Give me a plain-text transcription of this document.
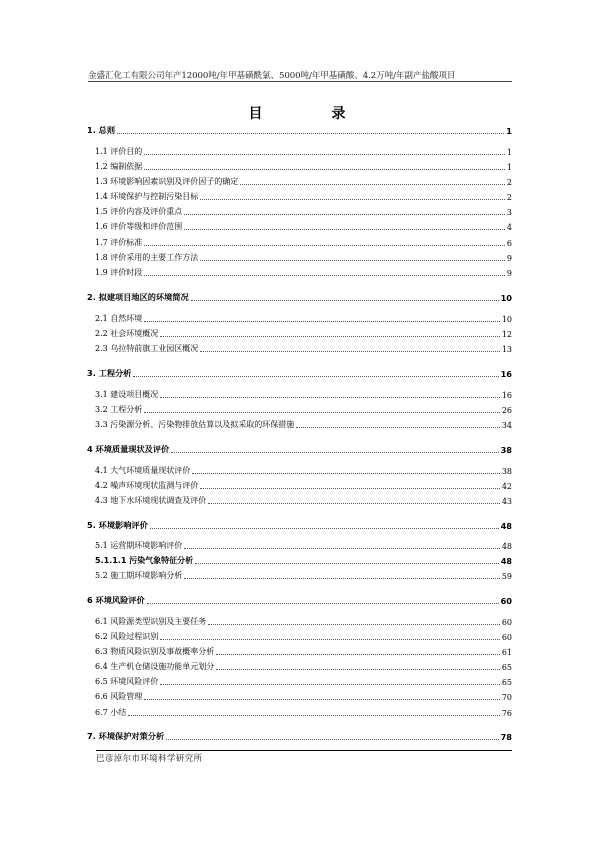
金盛汇化工有限公司年产12000吨/年甲基磺酰氯、5000吨/年甲基磺酸、4.2万吨/年副产盐酸项目
目	录
1. 总则	1
1.1 评价目的	1
1.2 编制依据	1
1.3 环境影响因素识别及评价因子的确定	2
1.4 环境保护与控制污染目标	2
1.5 评价内容及评价重点	3
1.6 评价等级和评价范围	4
1.7 评价标准	6
1.8 评价采用的主要工作方法	9
1.9 评价时段	9
2. 拟建项目地区的环境简况	10
2.1 自然环境	10
2.2 社会环境概况	12
2.3 乌拉特前旗工业园区概况	13
3. 工程分析	16
3.1 建设项目概况	16
3.2 工程分析	26
3.3 污染源分析、污染物排放估算以及拟采取的环保措施	34
4 环境质量现状及评价	38
4.1 大气环境质量现状评价	38
4.2 噪声环境现状监测与评价	42
4.3 地下水环境现状调查及评价	43
5. 环境影响评价	48
5.1 运营期环境影响评价	48
5.1.1.1 污染气象特征分析	48
5.2 施工期环境影响分析	59
6 环境风险评价	60
6.1 风险源类型识别及主要任务	60
6.2 风险过程识别	60
6.3 物质风险识别及事故概率分析	61
6.4 生产机仓储设施功能单元划分	65
6.5 环境风险评价	65
6.6 风险管理	70
6.7 小结	76
7. 环境保护对策分析	78
巴彦淖尔市环境科学研究所
